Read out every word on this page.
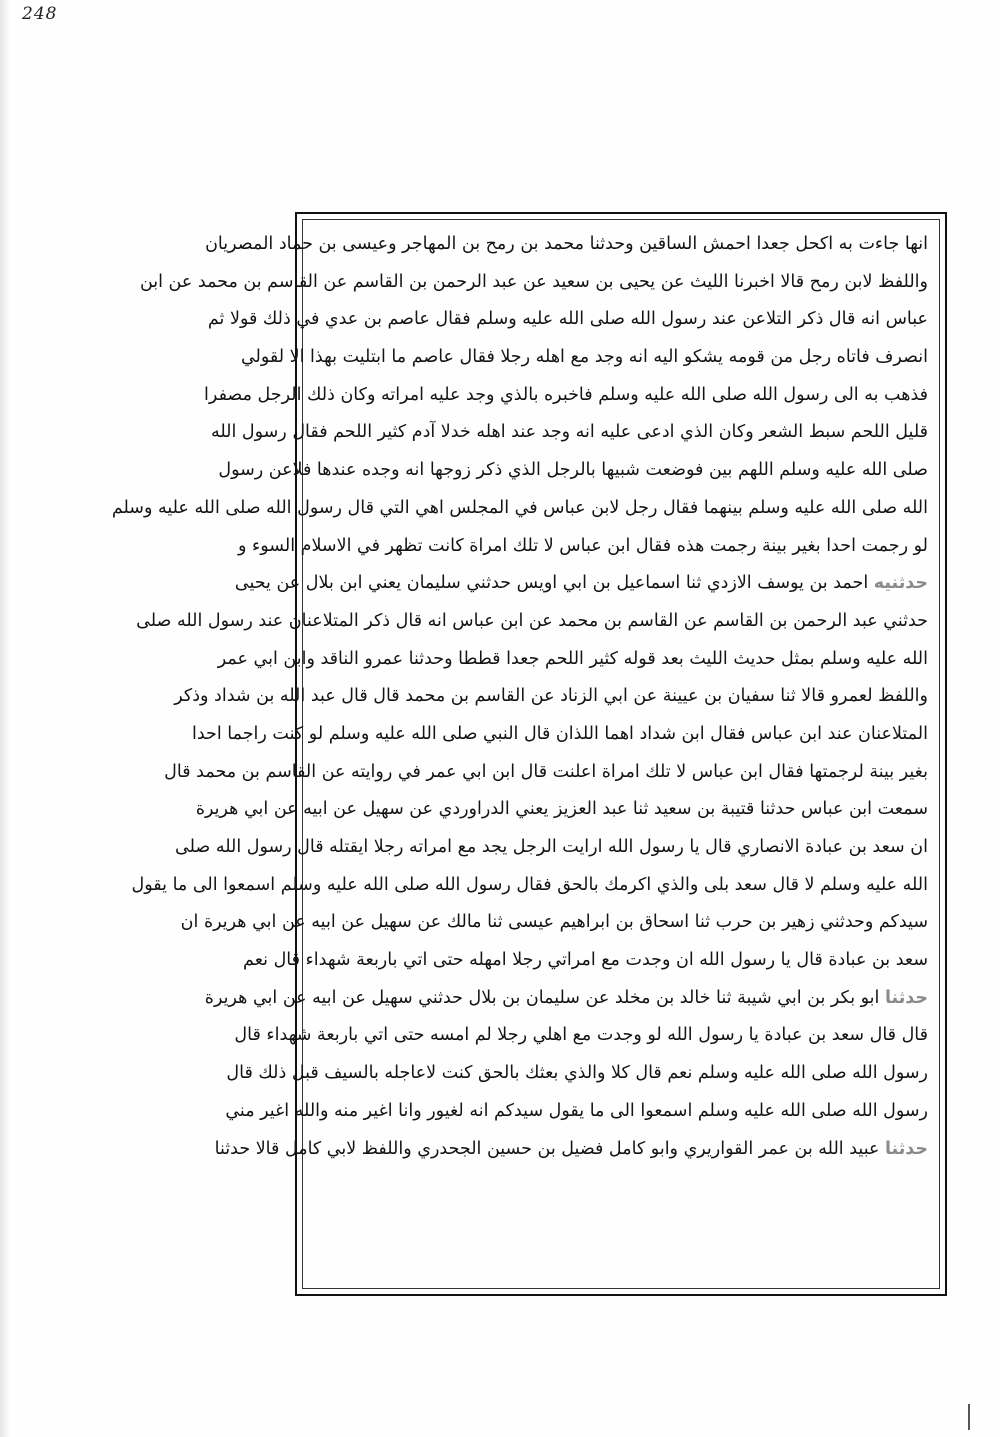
248
انها جاءت به اكحل جعدا احمش الساقين وحدثنا محمد بن رمح بن المهاجر وعيسى بن حماد المصريان
واللفظ لابن رمح قالا اخبرنا الليث عن يحيى بن سعيد عن عبد الرحمن بن القاسم عن القاسم بن محمد عن ابن
عباس انه قال ذكر التلاعن عند رسول الله صلى الله عليه وسلم فقال عاصم بن عدي في ذلك قولا ثم
انصرف فاتاه رجل من قومه يشكو اليه انه وجد مع اهله رجلا فقال عاصم ما ابتليت بهذا الا لقولي
فذهب به الى رسول الله صلى الله عليه وسلم فاخبره بالذي وجد عليه امراته وكان ذلك الرجل مصفرا
قليل اللحم سبط الشعر وكان الذي ادعى عليه انه وجد عند اهله خدلا آدم كثير اللحم فقال رسول الله
صلى الله عليه وسلم اللهم بين فوضعت شبيها بالرجل الذي ذكر زوجها انه وجده عندها فلاعن رسول
الله صلى الله عليه وسلم بينهما فقال رجل لابن عباس في المجلس اهي التي قال رسول الله صلى الله عليه وسلم
لو رجمت احدا بغير بينة رجمت هذه فقال ابن عباس لا تلك امراة كانت تظهر في الاسلام السوء و
حدثنيه احمد بن يوسف الازدي ثنا اسماعيل بن ابي اويس حدثني سليمان يعني ابن بلال عن يحيى
حدثني عبد الرحمن بن القاسم عن القاسم بن محمد عن ابن عباس انه قال ذكر المتلاعنان عند رسول الله صلى
الله عليه وسلم بمثل حديث الليث بعد قوله كثير اللحم جعدا قططا وحدثنا عمرو الناقد وابن ابي عمر
واللفظ لعمرو قالا ثنا سفيان بن عيينة عن ابي الزناد عن القاسم بن محمد قال قال عبد الله بن شداد وذكر
المتلاعنان عند ابن عباس فقال ابن شداد اهما اللذان قال النبي صلى الله عليه وسلم لو كنت راجما احدا
بغير بينة لرجمتها فقال ابن عباس لا تلك امراة اعلنت قال ابن ابي عمر في روايته عن القاسم بن محمد قال
سمعت ابن عباس حدثنا قتيبة بن سعيد ثنا عبد العزيز يعني الدراوردي عن سهيل عن ابيه عن ابي هريرة
ان سعد بن عبادة الانصاري قال يا رسول الله ارايت الرجل يجد مع امراته رجلا ايقتله قال رسول الله صلى
الله عليه وسلم لا قال سعد بلى والذي اكرمك بالحق فقال رسول الله صلى الله عليه وسلم اسمعوا الى ما يقول
سيدكم وحدثني زهير بن حرب ثنا اسحاق بن ابراهيم عيسى ثنا مالك عن سهيل عن ابيه عن ابي هريرة ان
سعد بن عبادة قال يا رسول الله ان وجدت مع امراتي رجلا امهله حتى اتي باربعة شهداء قال نعم
حدثنا ابو بكر بن ابي شيبة ثنا خالد بن مخلد عن سليمان بن بلال حدثني سهيل عن ابيه عن ابي هريرة
قال قال سعد بن عبادة يا رسول الله لو وجدت مع اهلي رجلا لم امسه حتى اتي باربعة شهداء قال
رسول الله صلى الله عليه وسلم نعم قال كلا والذي بعثك بالحق كنت لاعاجله بالسيف قبل ذلك قال
رسول الله صلى الله عليه وسلم اسمعوا الى ما يقول سيدكم انه لغيور وانا اغير منه والله اغير مني
حدثنا عبيد الله بن عمر القواريري وابو كامل فضيل بن حسين الجحدري واللفظ لابي كامل قالا حدثنا
